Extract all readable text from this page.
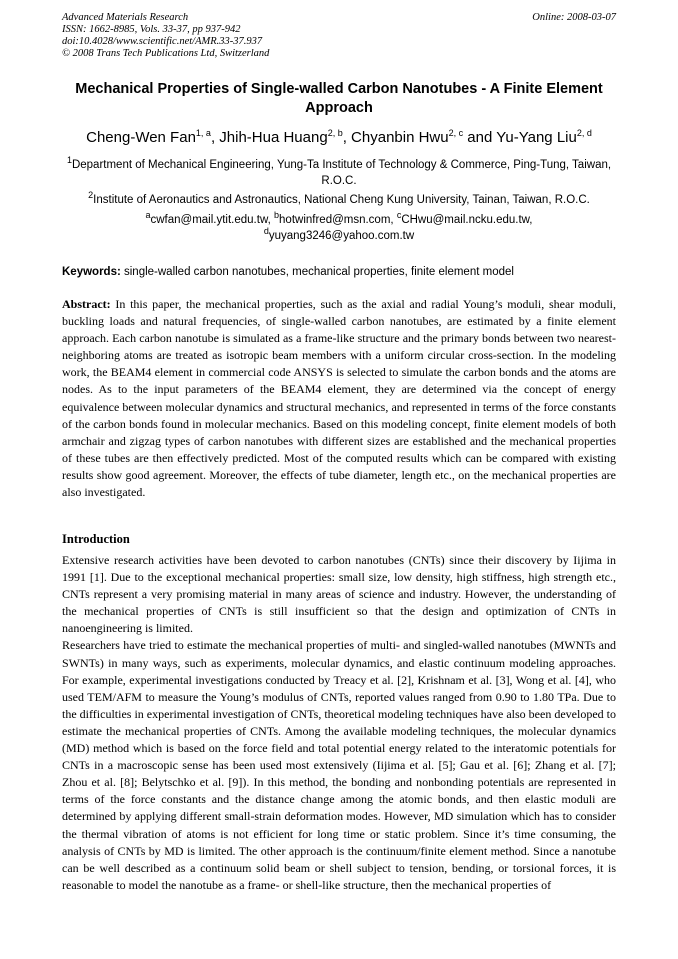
Advanced Materials Research
ISSN: 1662-8985, Vols. 33-37, pp 937-942
doi:10.4028/www.scientific.net/AMR.33-37.937
© 2008 Trans Tech Publications Ltd, Switzerland
Online: 2008-03-07
Mechanical Properties of Single-walled Carbon Nanotubes - A Finite Element Approach
Cheng-Wen Fan$^{1, a}$, Jhih-Hua Huang$^{2, b}$, Chyanbin Hwu$^{2, c}$ and Yu-Yang Liu$^{2, d}$
$^1$Department of Mechanical Engineering, Yung-Ta Institute of Technology & Commerce, Ping-Tung, Taiwan, R.O.C.
$^2$Institute of Aeronautics and Astronautics, National Cheng Kung University, Tainan, Taiwan, R.O.C.
$^a$cwfan@mail.ytit.edu.tw, $^b$hotwinfred@msn.com, $^c$CHwu@mail.ncku.edu.tw,
$^d$yuyang3246@yahoo.com.tw
Keywords: single-walled carbon nanotubes, mechanical properties, finite element model
Abstract: In this paper, the mechanical properties, such as the axial and radial Young’s moduli, shear moduli, buckling loads and natural frequencies, of single-walled carbon nanotubes, are estimated by a finite element approach. Each carbon nanotube is simulated as a frame-like structure and the primary bonds between two nearest-neighboring atoms are treated as isotropic beam members with a uniform circular cross-section. In the modeling work, the BEAM4 element in commercial code ANSYS is selected to simulate the carbon bonds and the atoms are nodes. As to the input parameters of the BEAM4 element, they are determined via the concept of energy equivalence between molecular dynamics and structural mechanics, and represented in terms of the force constants of the carbon bonds found in molecular mechanics. Based on this modeling concept, finite element models of both armchair and zigzag types of carbon nanotubes with different sizes are established and the mechanical properties of these tubes are then effectively predicted. Most of the computed results which can be compared with existing results show good agreement. Moreover, the effects of tube diameter, length etc., on the mechanical properties are also investigated.
Introduction

Extensive research activities have been devoted to carbon nanotubes (CNTs) since their discovery by Iijima in 1991 [1]. Due to the exceptional mechanical properties: small size, low density, high stiffness, high strength etc., CNTs represent a very promising material in many areas of science and industry. However, the understanding of the mechanical properties of CNTs is still insufficient so that the design and optimization of CNTs in nanoengineering is limited.

Researchers have tried to estimate the mechanical properties of multi- and singled-walled nanotubes (MWNTs and SWNTs) in many ways, such as experiments, molecular dynamics, and elastic continuum modeling approaches. For example, experimental investigations conducted by Treacy et al. [2], Krishnam et al. [3], Wong et al. [4], who used TEM/AFM to measure the Young’s modulus of CNTs, reported values ranged from 0.90 to 1.80 TPa. Due to the difficulties in experimental investigation of CNTs, theoretical modeling techniques have also been developed to estimate the mechanical properties of CNTs. Among the available modeling techniques, the molecular dynamics (MD) method which is based on the force field and total potential energy related to the interatomic potentials for CNTs in a macroscopic sense has been used most extensively (Iijima et al. [5]; Gau et al. [6]; Zhang et al. [7]; Zhou et al. [8]; Belytschko et al. [9]). In this method, the bonding and nonbonding potentials are represented in terms of the force constants and the distance change among the atomic bonds, and then elastic moduli are determined by applying different small-strain deformation modes. However, MD simulation which has to consider the thermal vibration of atoms is not efficient for long time or static problem. Since it’s time consuming, the analysis of CNTs by MD is limited. The other approach is the continuum/finite element method. Since a nanotube can be well described as a continuum solid beam or shell subject to tension, bending, or torsional forces, it is reasonable to model the nanotube as a frame- or shell-like structure, then the mechanical properties of
